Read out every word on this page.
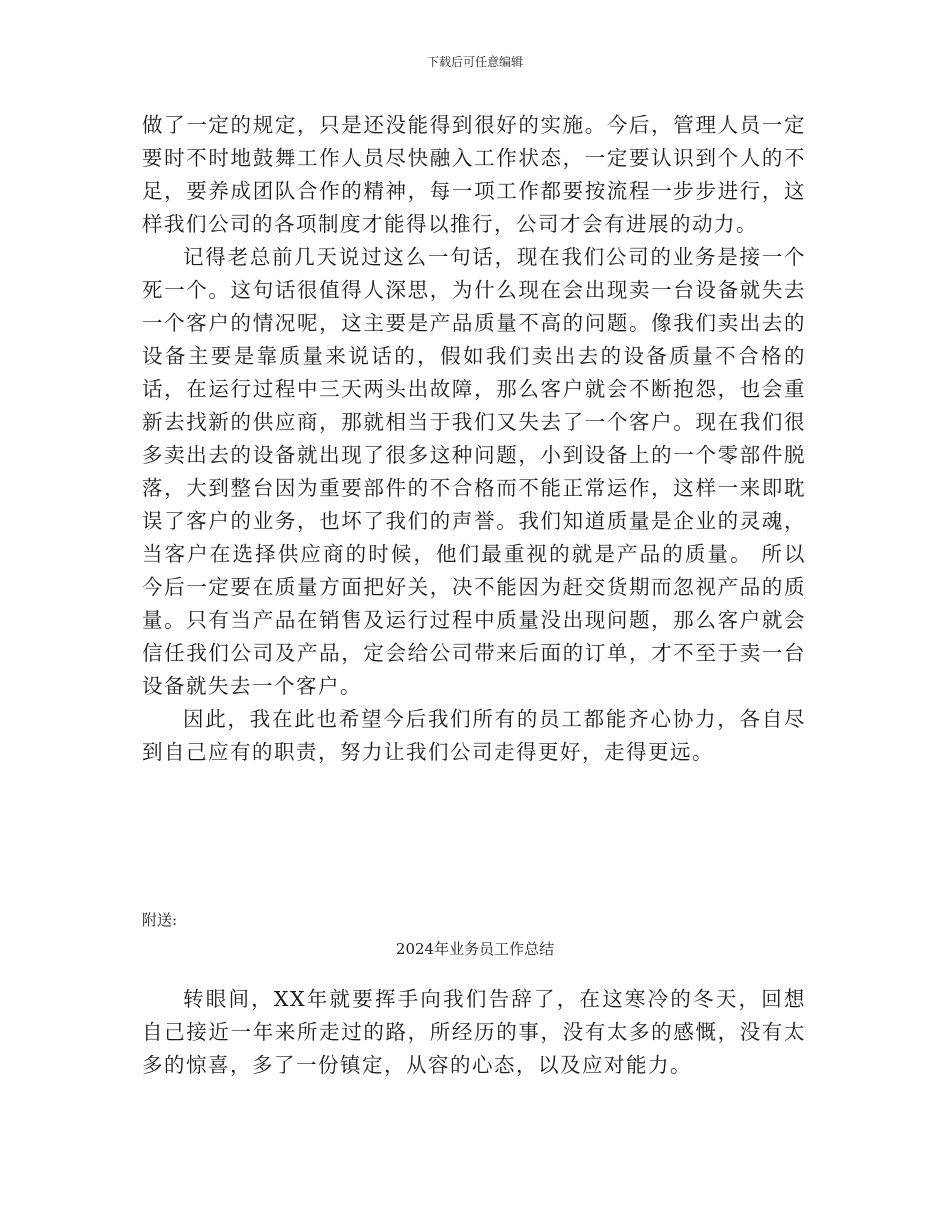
下载后可任意编辑

做了一定的规定，只是还没能得到很好的实施。今后，管理人员一定要时不时地鼓舞工作人员尽快融入工作状态，一定要认识到个人的不足，要养成团队合作的精神，每一项工作都要按流程一步步进行，这样我们公司的各项制度才能得以推行，公司才会有进展的动力。

记得老总前几天说过这么一句话，现在我们公司的业务是接一个死一个。这句话很值得人深思，为什么现在会出现卖一台设备就失去一个客户的情况呢，这主要是产品质量不高的问题。像我们卖出去的设备主要是靠质量来说话的，假如我们卖出去的设备质量不合格的话，在运行过程中三天两头出故障，那么客户就会不断抱怨，也会重新去找新的供应商，那就相当于我们又失去了一个客户。现在我们很多卖出去的设备就出现了很多这种问题，小到设备上的一个零部件脱落，大到整台因为重要部件的不合格而不能正常运作，这样一来即耽误了客户的业务，也坏了我们的声誉。我们知道质量是企业的灵魂，当客户在选择供应商的时候，他们最重视的就是产品的质量。 所以今后一定要在质量方面把好关，决不能因为赶交货期而忽视产品的质量。只有当产品在销售及运行过程中质量没出现问题，那么客户就会信任我们公司及产品，定会给公司带来后面的订单，才不至于卖一台设备就失去一个客户。

因此，我在此也希望今后我们所有的员工都能齐心协力，各自尽到自己应有的职责，努力让我们公司走得更好，走得更远。

附送:
2024年业务员工作总结

转眼间，XX年就要挥手向我们告辞了，在这寒冷的冬天，回想自己接近一年来所走过的路，所经历的事，没有太多的感慨，没有太多的惊喜，多了一份镇定，从容的心态，以及应对能力。
